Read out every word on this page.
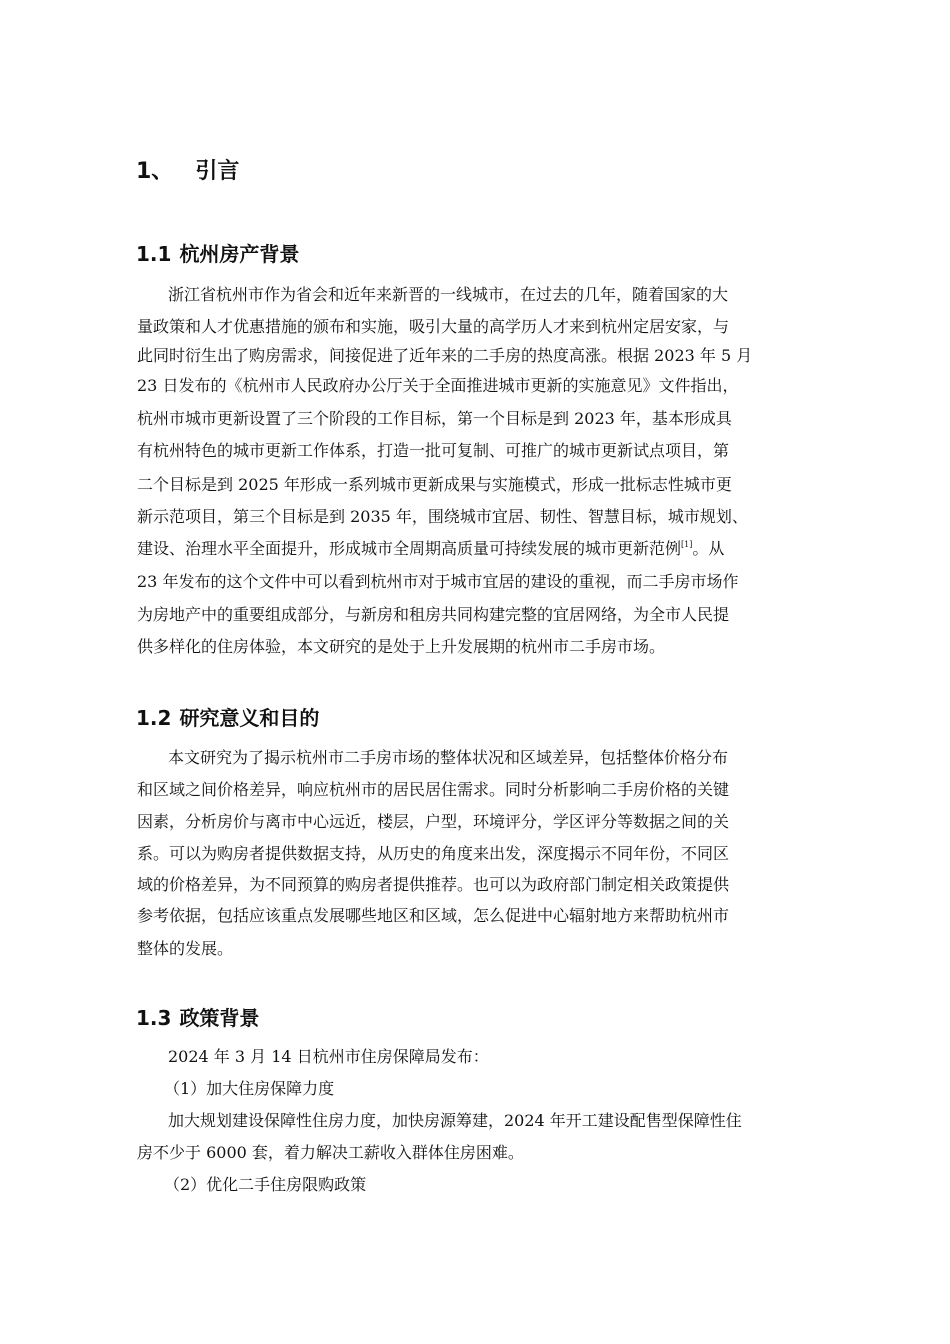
1、 引言
1.1 杭州房产背景

浙江省杭州市作为省会和近年来新晋的一线城市，在过去的几年，随着国家的大

量政策和人才优惠措施的颁布和实施，吸引大量的高学历人才来到杭州定居安家，与

此同时衍生出了购房需求，间接促进了近年来的二手房的热度高涨。根据 2023 年 5 月

23 日发布的《杭州市人民政府办公厅关于全面推进城市更新的实施意见》文件指出，

杭州市城市更新设置了三个阶段的工作目标，第一个目标是到 2023 年，基本形成具

有杭州特色的城市更新工作体系，打造一批可复制、可推广的城市更新试点项目，第

二个目标是到 2025 年形成一系列城市更新成果与实施模式，形成一批标志性城市更

新示范项目，第三个目标是到 2035 年，围绕城市宜居、韧性、智慧目标，城市规划、

建设、治理水平全面提升，形成城市全周期高质量可持续发展的城市更新范例[1]。从

23 年发布的这个文件中可以看到杭州市对于城市宜居的建设的重视，而二手房市场作

为房地产中的重要组成部分，与新房和租房共同构建完整的宜居网络，为全市人民提

供多样化的住房体验，本文研究的是处于上升发展期的杭州市二手房市场。

1.2 研究意义和目的

本文研究为了揭示杭州市二手房市场的整体状况和区域差异，包括整体价格分布

和区域之间价格差异，响应杭州市的居民居住需求。同时分析影响二手房价格的关键

因素，分析房价与离市中心远近，楼层，户型，环境评分，学区评分等数据之间的关

系。可以为购房者提供数据支持，从历史的角度来出发，深度揭示不同年份，不同区

域的价格差异，为不同预算的购房者提供推荐。也可以为政府部门制定相关政策提供

参考依据，包括应该重点发展哪些地区和区域，怎么促进中心辐射地方来帮助杭州市

整体的发展。

1.3 政策背景

2024 年 3 月 14 日杭州市住房保障局发布：

（1）加大住房保障力度

加大规划建设保障性住房力度，加快房源筹建，2024 年开工建设配售型保障性住

房不少于 6000 套，着力解决工薪收入群体住房困难。

（2）优化二手住房限购政策
